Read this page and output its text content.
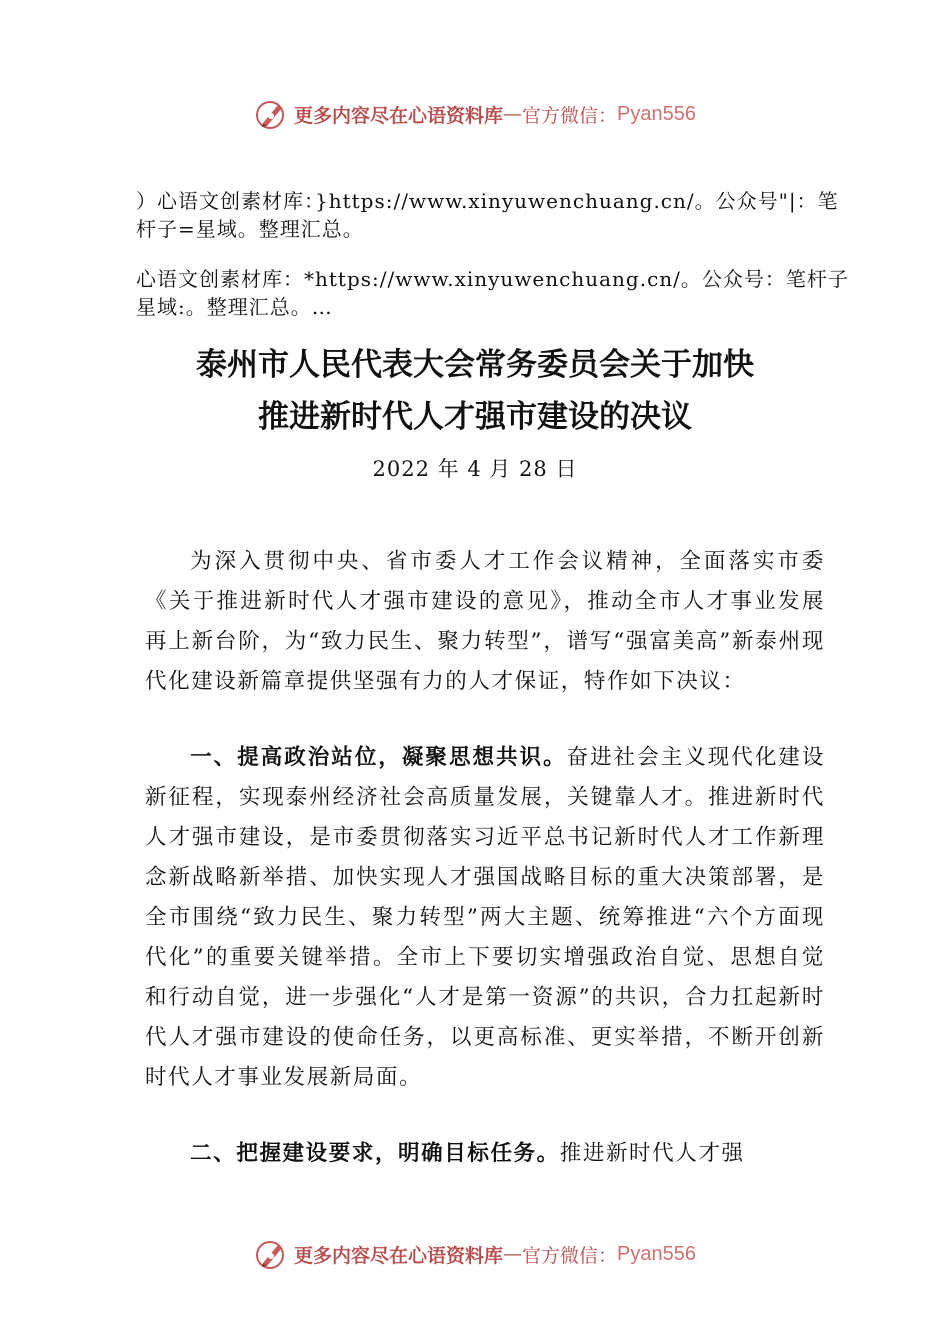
更多内容尽在心语资料库 — 官方微信： Pyan556
）心语文创素材库：}https://www.xinyuwenchuang.cn/。公众号"|：笔杆子=星域。整理汇总。
心语文创素材库：*https://www.xinyuwenchuang.cn/。公众号：笔杆子星域:。整理汇总。…
泰州市人民代表大会常务委员会关于加快
推进新时代人才强市建设的决议
2022 年 4 月 28 日

为深入贯彻中央、省市委人才工作会议精神，全面落实市委《关于推进新时代人才强市建设的意见》，推动全市人才事业发展再上新台阶，为“致力民生、聚力转型”，谱写“强富美高”新泰州现代化建设新篇章提供坚强有力的人才保证，特作如下决议：

一、提高政治站位，凝聚思想共识。奋进社会主义现代化建设新征程，实现泰州经济社会高质量发展，关键靠人才。推进新时代人才强市建设，是市委贯彻落实习近平总书记新时代人才工作新理念新战略新举措、加快实现人才强国战略目标的重大决策部署，是全市围绕“致力民生、聚力转型”两大主题、统筹推进“六个方面现代化”的重要关键举措。全市上下要切实增强政治自觉、思想自觉和行动自觉，进一步强化“人才是第一资源”的共识，合力扛起新时代人才强市建设的使命任务，以更高标准、更实举措，不断开创新时代人才事业发展新局面。

二、把握建设要求，明确目标任务。推进新时代人才强

更多内容尽在心语资料库 — 官方微信： Pyan556
